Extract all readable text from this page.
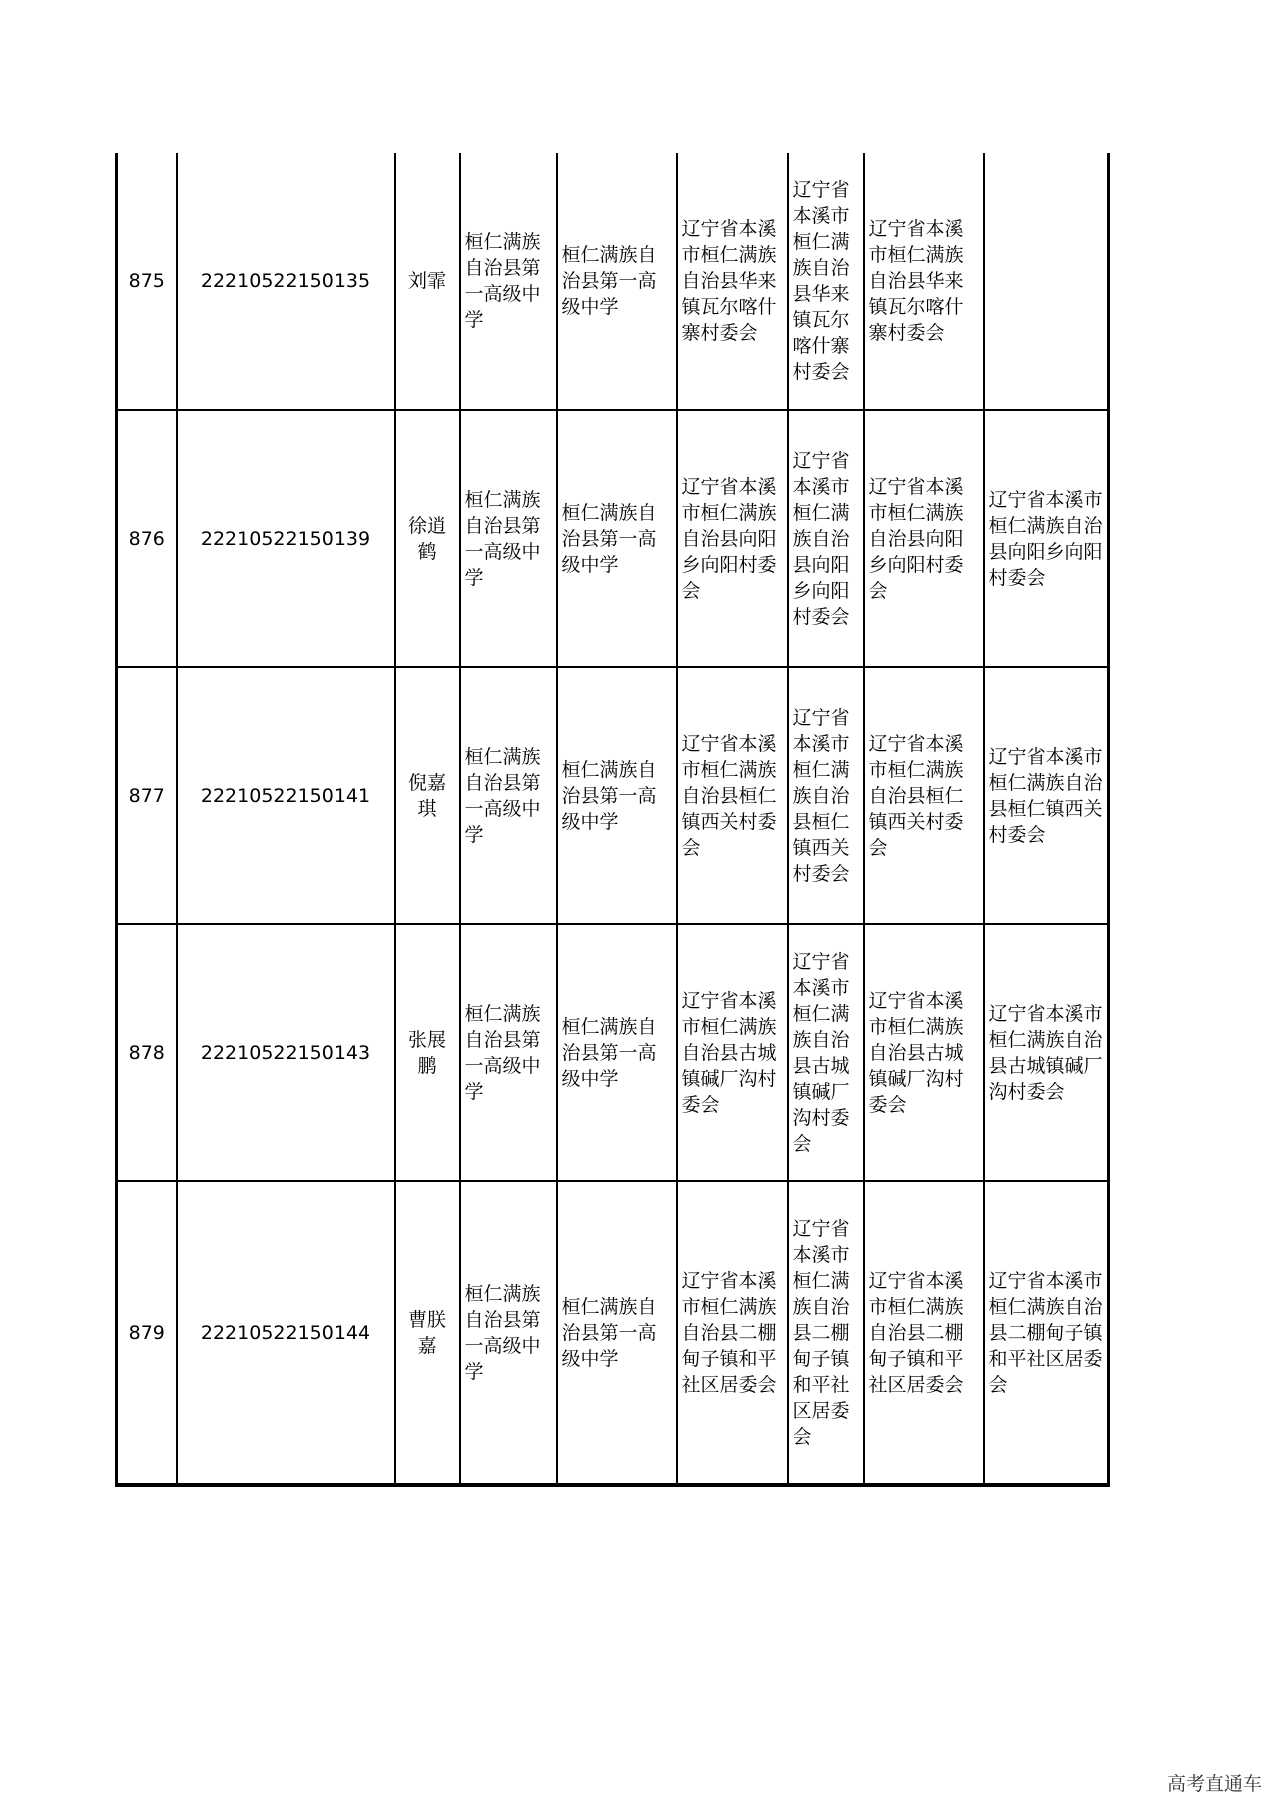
875	22210522150135	刘霏	桓仁满族自治县第一高级中学	桓仁满族自治县第一高级中学	辽宁省本溪市桓仁满族自治县华来镇瓦尔喀什寨村委会	辽宁省本溪市桓仁满族自治县华来镇瓦尔喀什寨村委会	辽宁省本溪市桓仁满族自治县华来镇瓦尔喀什寨村委会	
876	22210522150139	徐逍鹤	桓仁满族自治县第一高级中学	桓仁满族自治县第一高级中学	辽宁省本溪市桓仁满族自治县向阳乡向阳村委会	辽宁省本溪市桓仁满族自治县向阳乡向阳村委会	辽宁省本溪市桓仁满族自治县向阳乡向阳村委会	辽宁省本溪市桓仁满族自治县向阳乡向阳村委会
877	22210522150141	倪嘉琪	桓仁满族自治县第一高级中学	桓仁满族自治县第一高级中学	辽宁省本溪市桓仁满族自治县桓仁镇西关村委会	辽宁省本溪市桓仁满族自治县桓仁镇西关村委会	辽宁省本溪市桓仁满族自治县桓仁镇西关村委会	辽宁省本溪市桓仁满族自治县桓仁镇西关村委会
878	22210522150143	张展鹏	桓仁满族自治县第一高级中学	桓仁满族自治县第一高级中学	辽宁省本溪市桓仁满族自治县古城镇碱厂沟村委会	辽宁省本溪市桓仁满族自治县古城镇碱厂沟村委会	辽宁省本溪市桓仁满族自治县古城镇碱厂沟村委会	辽宁省本溪市桓仁满族自治县古城镇碱厂沟村委会
879	22210522150144	曹朕嘉	桓仁满族自治县第一高级中学	桓仁满族自治县第一高级中学	辽宁省本溪市桓仁满族自治县二棚甸子镇和平社区居委会	辽宁省本溪市桓仁满族自治县二棚甸子镇和平社区居委会	辽宁省本溪市桓仁满族自治县二棚甸子镇和平社区居委会	辽宁省本溪市桓仁满族自治县二棚甸子镇和平社区居委会
高考直通车
